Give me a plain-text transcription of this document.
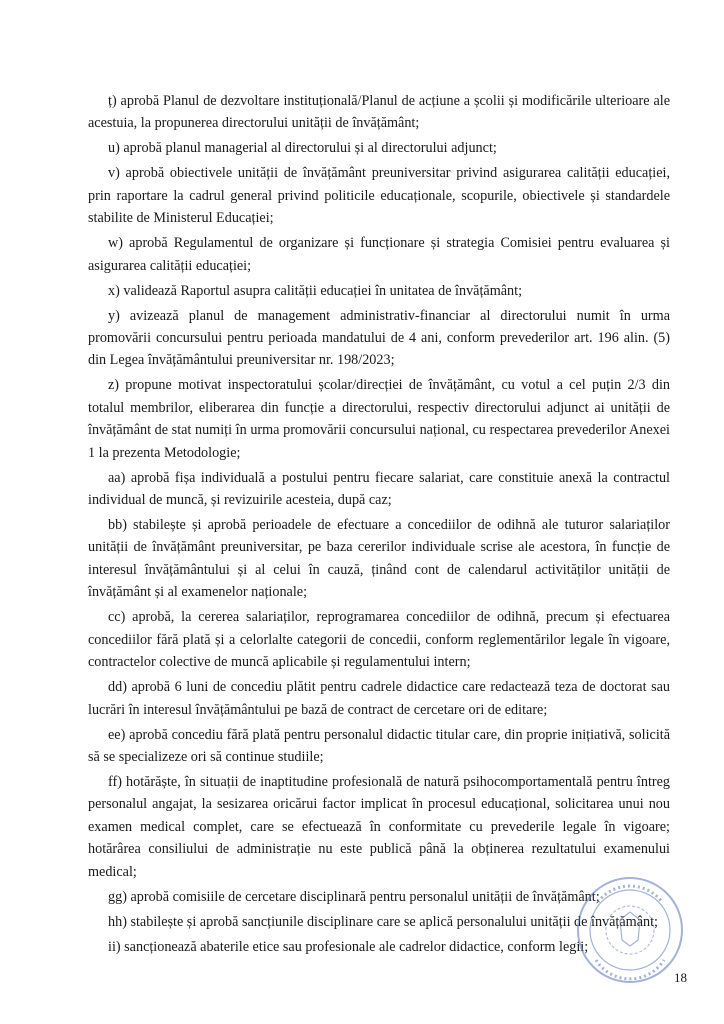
ț) aprobă Planul de dezvoltare instituțională/Planul de acțiune a școlii și modificările ulterioare ale acestuia, la propunerea directorului unității de învățământ;

u) aprobă planul managerial al directorului și al directorului adjunct;

v) aprobă obiectivele unității de învățământ preuniversitar privind asigurarea calității educației, prin raportare la cadrul general privind politicile educaționale, scopurile, obiectivele și standardele stabilite de Ministerul Educației;

w) aprobă Regulamentul de organizare și funcționare și strategia Comisiei pentru evaluarea și asigurarea calității educației;

x) validează Raportul asupra calității educației în unitatea de învățământ;

y) avizează planul de management administrativ-financiar al directorului numit în urma promovării concursului pentru perioada mandatului de 4 ani, conform prevederilor art. 196 alin. (5) din Legea învățământului preuniversitar nr. 198/2023;

z) propune motivat inspectoratului școlar/direcției de învățământ, cu votul a cel puțin 2/3 din totalul membrilor, eliberarea din funcție a directorului, respectiv directorului adjunct ai unității de învățământ de stat numiți în urma promovării concursului național, cu respectarea prevederilor Anexei 1 la prezenta Metodologie;

aa) aprobă fișa individuală a postului pentru fiecare salariat, care constituie anexă la contractul individual de muncă, și revizuirile acesteia, după caz;

bb) stabilește și aprobă perioadele de efectuare a concediilor de odihnă ale tuturor salariaților unității de învățământ preuniversitar, pe baza cererilor individuale scrise ale acestora, în funcție de interesul învățământului și al celui în cauză, ținând cont de calendarul activităților unității de învățământ și al examenelor naționale;

cc) aprobă, la cererea salariaților, reprogramarea concediilor de odihnă, precum și efectuarea concediilor fără plată și a celorlalte categorii de concedii, conform reglementărilor legale în vigoare, contractelor colective de muncă aplicabile și regulamentului intern;

dd) aprobă 6 luni de concediu plătit pentru cadrele didactice care redactează teza de doctorat sau lucrări în interesul învățământului pe bază de contract de cercetare ori de editare;

ee) aprobă concediu fără plată pentru personalul didactic titular care, din proprie inițiativă, solicită să se specializeze ori să continue studiile;

ff) hotărăște, în situații de inaptitudine profesională de natură psihocomportamentală pentru întreg personalul angajat, la sesizarea oricărui factor implicat în procesul educațional, solicitarea unui nou examen medical complet, care se efectuează în conformitate cu prevederile legale în vigoare; hotărârea consiliului de administrație nu este publică până la obținerea rezultatului examenului medical;

gg) aprobă comisiile de cercetare disciplinară pentru personalul unității de învățământ;

hh) stabilește și aprobă sancțiunile disciplinare care se aplică personalului unității de învățământ;

ii) sancționează abaterile etice sau profesionale ale cadrelor didactice, conform legii;

18
